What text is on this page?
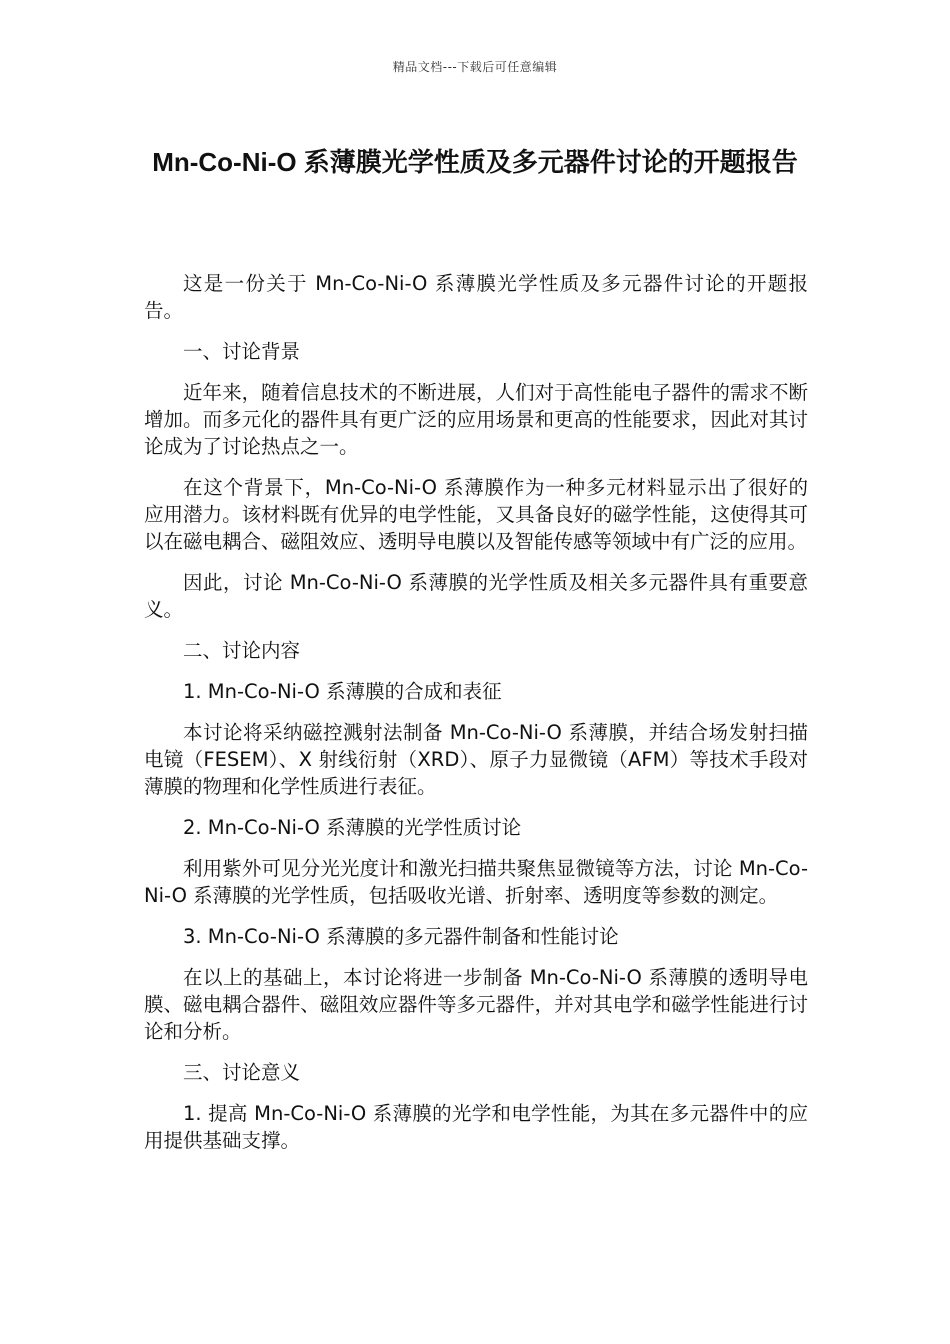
精品文档---下载后可任意编辑
Mn-Co-Ni-O 系薄膜光学性质及多元器件讨论的开题报告

这是一份关于 Mn-Co-Ni-O 系薄膜光学性质及多元器件讨论的开题报告。

一、讨论背景

近年来，随着信息技术的不断进展，人们对于高性能电子器件的需求不断增加。而多元化的器件具有更广泛的应用场景和更高的性能要求，因此对其讨论成为了讨论热点之一。

在这个背景下，Mn-Co-Ni-O 系薄膜作为一种多元材料显示出了很好的应用潜力。该材料既有优异的电学性能，又具备良好的磁学性能，这使得其可以在磁电耦合、磁阻效应、透明导电膜以及智能传感等领域中有广泛的应用。

因此，讨论 Mn-Co-Ni-O 系薄膜的光学性质及相关多元器件具有重要意义。

二、讨论内容

1. Mn-Co-Ni-O 系薄膜的合成和表征

本讨论将采纳磁控溅射法制备 Mn-Co-Ni-O 系薄膜，并结合场发射扫描电镜（FESEM）、X 射线衍射（XRD）、原子力显微镜（AFM）等技术手段对薄膜的物理和化学性质进行表征。

2. Mn-Co-Ni-O 系薄膜的光学性质讨论

利用紫外可见分光光度计和激光扫描共聚焦显微镜等方法，讨论 Mn-Co-Ni-O 系薄膜的光学性质，包括吸收光谱、折射率、透明度等参数的测定。

3. Mn-Co-Ni-O 系薄膜的多元器件制备和性能讨论

在以上的基础上，本讨论将进一步制备 Mn-Co-Ni-O 系薄膜的透明导电膜、磁电耦合器件、磁阻效应器件等多元器件，并对其电学和磁学性能进行讨论和分析。

三、讨论意义

1. 提高 Mn-Co-Ni-O 系薄膜的光学和电学性能，为其在多元器件中的应用提供基础支撑。
